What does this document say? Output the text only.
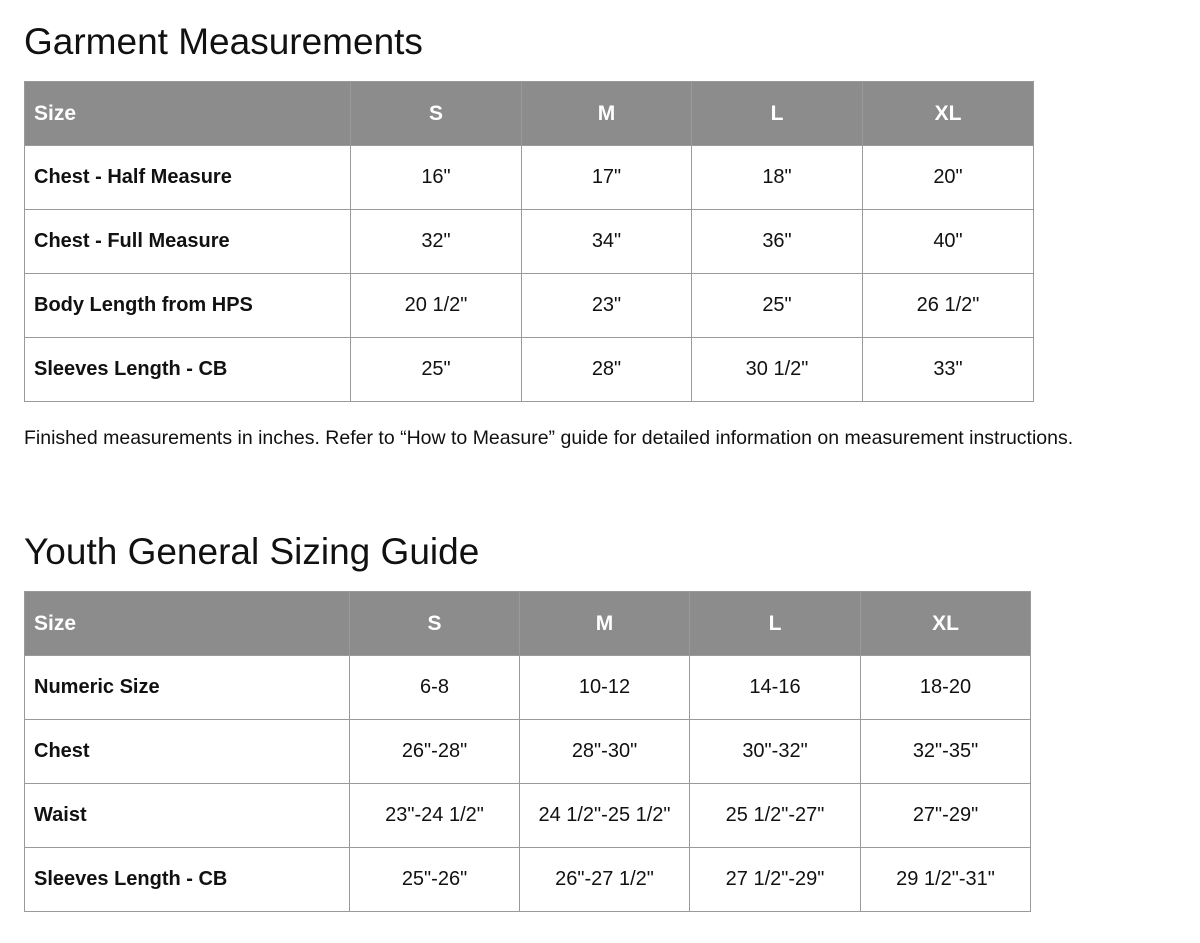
Garment Measurements
Size	S	M	L	XL
Chest - Half Measure	16"	17"	18"	20"
Chest - Full Measure	32"	34"	36"	40"
Body Length from HPS	20 1/2"	23"	25"	26 1/2"
Sleeves Length - CB	25"	28"	30 1/2"	33"

Finished measurements in inches. Refer to “How to Measure” guide for detailed information on measurement instructions.

Youth General Sizing Guide
Size	S	M	L	XL
Numeric Size	6-8	10-12	14-16	18-20
Chest	26"-28"	28"-30"	30"-32"	32"-35"
Waist	23"-24 1/2"	24 1/2"-25 1/2"	25 1/2"-27"	27"-29"
Sleeves Length - CB	25"-26"	26"-27 1/2"	27 1/2"-29"	29 1/2"-31"
